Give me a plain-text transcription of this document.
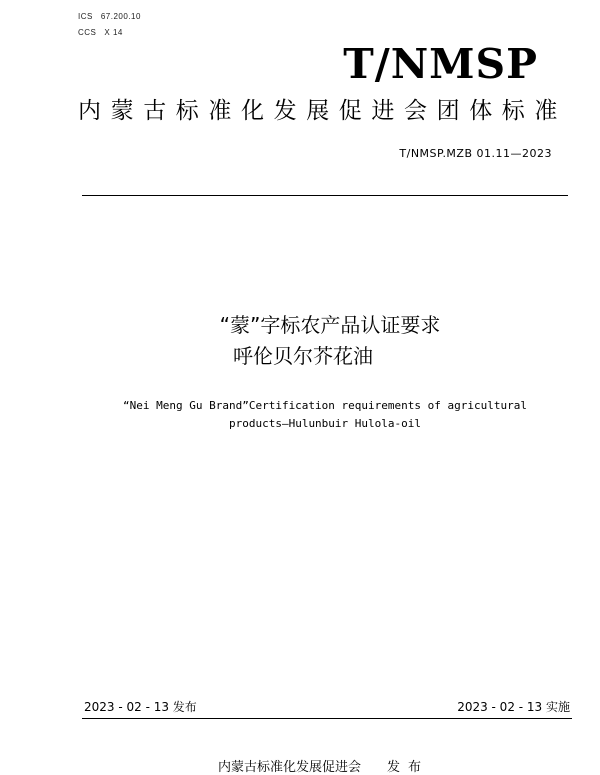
ICS 67.200.10
CCS X 14
T/NMSP
内蒙古标准化发展促进会团体标准
T/NMSP.MZB 01.11—2023
“蒙”字标农产品认证要求
呼伦贝尔芥花油
“Nei Meng Gu Brand”Certification requirements of agricultural
products—Hulunbuir Hulola-oil
2023 - 02 - 13 发布	2023 - 02 - 13 实施
内蒙古标准化发展促进会 发布
